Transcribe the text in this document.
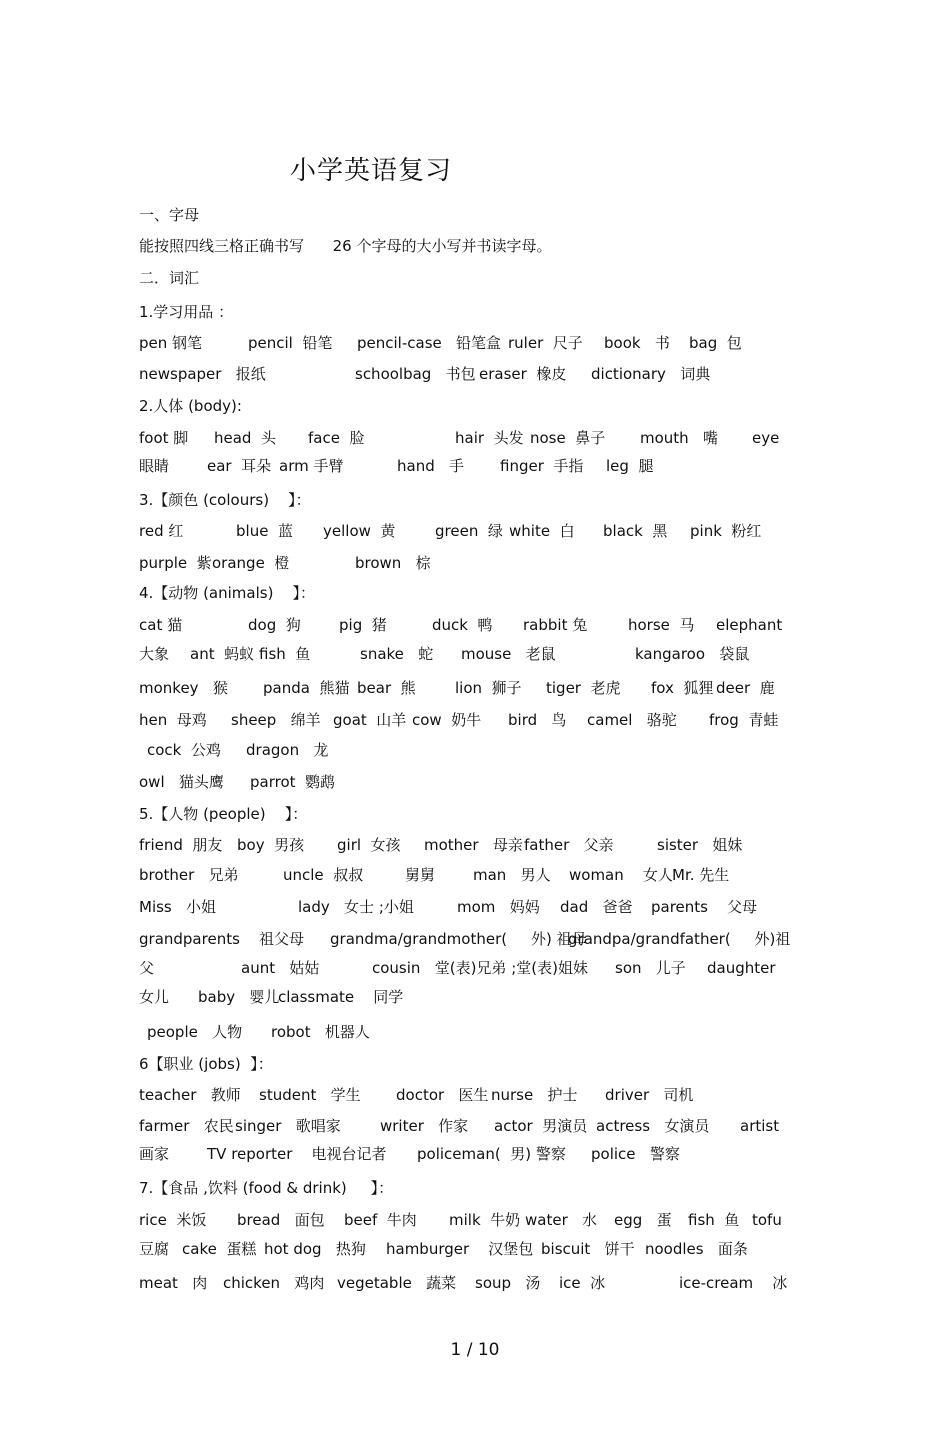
小学英语复习
一、字母
能按照四线三格正确书写      26 个字母的大小写并书读字母。
二．词汇
1.学习用品 ：
pen 钢笔	pencil  铅笔 pencil-case   铅笔盒 ruler  尺子 book   书 bag  包
newspaper   报纸	schoolbag   书包 eraser  橡皮 dictionary   词典
2.人体 (body):
foot 脚 head  头 face  脸	hair  头发 nose  鼻子 mouth   嘴 eye
眼睛	ear  耳朵 arm 手臂	hand   手 finger  手指 leg  腿
3.【颜色 (colours)    】：
red 红	blue  蓝 yellow  黄	green  绿 white  白 black  黑 pink  粉红
purple  紫 orange  橙	brown   棕
4.【动物 (animals)    】：
cat 猫	dog  狗	pig  猪	duck  鸭 rabbit 兔	horse  马 elephant
大象 ant  蚂蚁 fish  鱼	snake   蛇 mouse   老鼠	kangaroo   袋鼠
monkey   猴 panda  熊猫 bear  熊	lion  狮子 tiger  老虎 fox  狐狸 deer  鹿
hen  母鸡 sheep   绵羊 goat  山羊 cow  奶牛 bird   鸟 camel   骆驼 frog  青蛙
cock  公鸡 dragon   龙
owl   猫头鹰 parrot  鹦鹉
5.【人物 (people)    】：
friend  朋友 boy  男孩 girl  女孩 mother   母亲 father   父亲	sister   姐妹
brother   兄弟	uncle  叔叔	舅舅	man   男人 woman    女人 Mr. 先生
Miss   小姐	lady   女士 ;小姐	mom   妈妈 dad   爸爸 parents    父母
grandparents    祖父母 grandma/grandmother(     外) 祖母
grandpa/grandfather(     外)祖
父	aunt   姑姑	cousin   堂(表)兄弟 ;堂(表)姐妹 son   儿子 daughter
女儿 baby   婴儿
classmate    同学
people   人物 robot   机器人
6【职业 (jobs)  】：
teacher   教师 student   学生 doctor   医生 nurse   护士 driver   司机
farmer   农民 singer   歌唱家	writer   作家 actor  男演员 actress   女演员 artist
画家	TV reporter    电视台记者 policeman(  男) 警察 police   警察
7.【食品 ,饮料 (food & drink)     】：
rice  米饭 bread   面包 beef  牛肉 milk  牛奶 water   水 egg   蛋 fish  鱼 tofu
豆腐 cake  蛋糕 hot dog   热狗 hamburger    汉堡包 biscuit   饼干 noodles   面条
meat   肉 chicken   鸡肉 vegetable   蔬菜 soup   汤 ice  冰	ice-cream    冰
1 / 10
